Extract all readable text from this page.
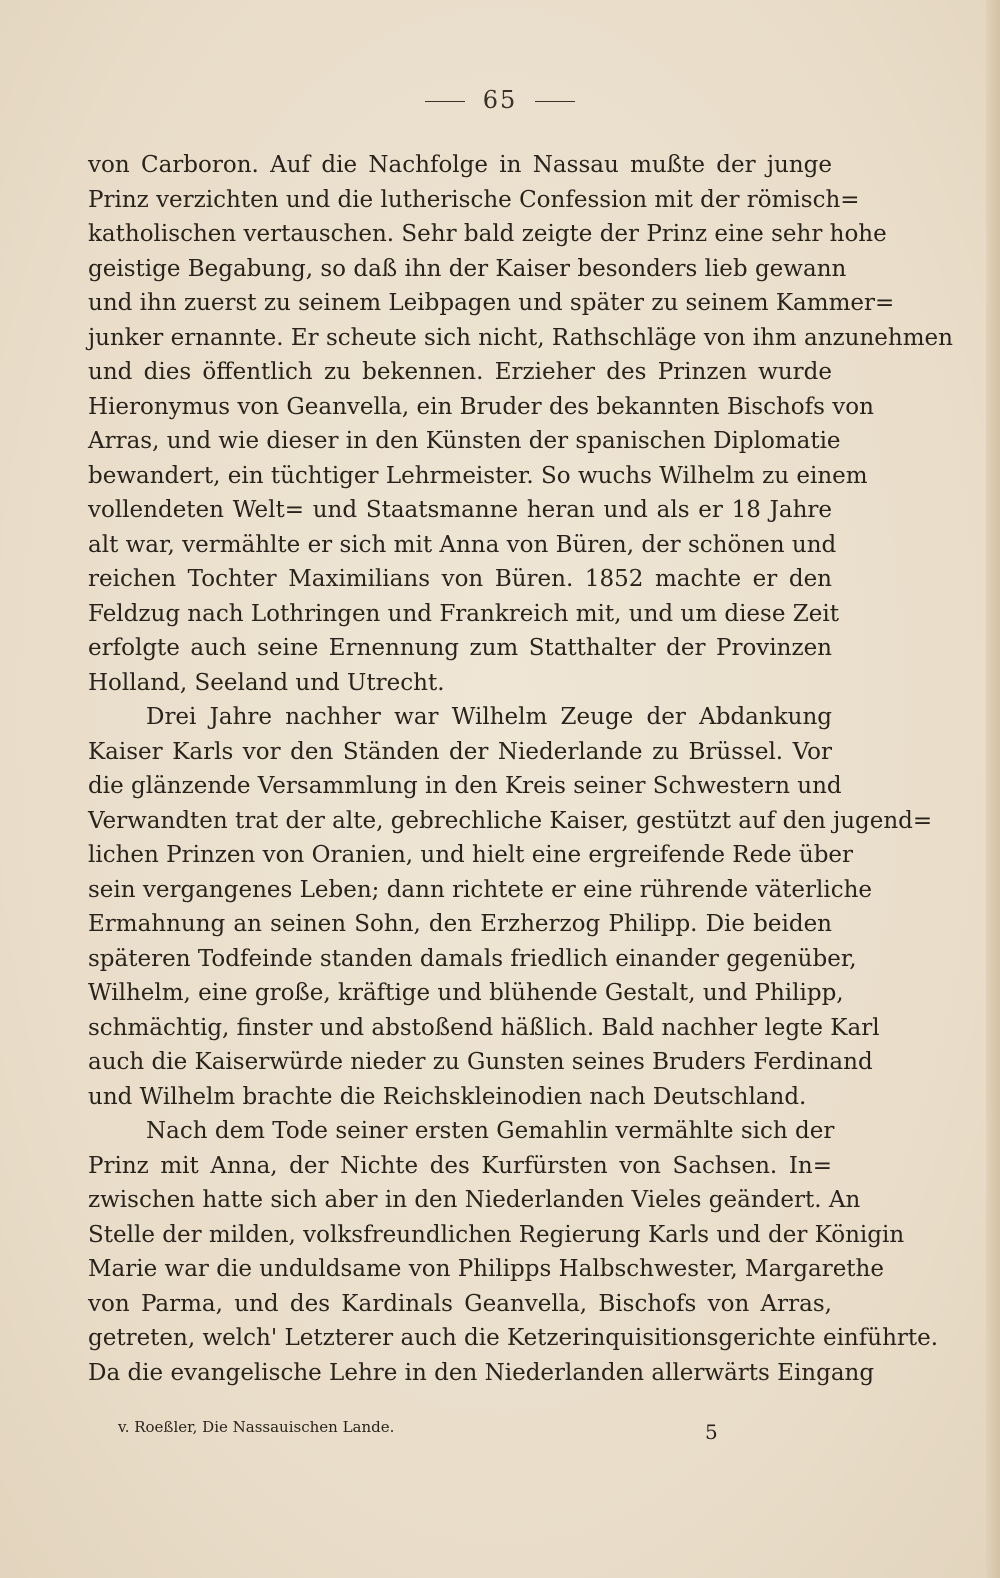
65
von Carboron. Auf die Nachfolge in Nassau mußte der junge
Prinz verzichten und die lutherische Confession mit der römisch=
katholischen vertauschen. Sehr bald zeigte der Prinz eine sehr hohe
geistige Begabung, so daß ihn der Kaiser besonders lieb gewann
und ihn zuerst zu seinem Leibpagen und später zu seinem Kammer=
junker ernannte. Er scheute sich nicht, Rathschläge von ihm anzunehmen
und dies öffentlich zu bekennen. Erzieher des Prinzen wurde
Hieronymus von Geanvella, ein Bruder des bekannten Bischofs von
Arras, und wie dieser in den Künsten der spanischen Diplomatie
bewandert, ein tüchtiger Lehrmeister. So wuchs Wilhelm zu einem
vollendeten Welt= und Staatsmanne heran und als er 18 Jahre
alt war, vermählte er sich mit Anna von Büren, der schönen und
reichen Tochter Maximilians von Büren. 1852 machte er den
Feldzug nach Lothringen und Frankreich mit, und um diese Zeit
erfolgte auch seine Ernennung zum Statthalter der Provinzen
Holland, Seeland und Utrecht.
Drei Jahre nachher war Wilhelm Zeuge der Abdankung
Kaiser Karls vor den Ständen der Niederlande zu Brüssel. Vor
die glänzende Versammlung in den Kreis seiner Schwestern und
Verwandten trat der alte, gebrechliche Kaiser, gestützt auf den jugend=
lichen Prinzen von Oranien, und hielt eine ergreifende Rede über
sein vergangenes Leben; dann richtete er eine rührende väterliche
Ermahnung an seinen Sohn, den Erzherzog Philipp. Die beiden
späteren Todfeinde standen damals friedlich einander gegenüber,
Wilhelm, eine große, kräftige und blühende Gestalt, und Philipp,
schmächtig, finster und abstoßend häßlich. Bald nachher legte Karl
auch die Kaiserwürde nieder zu Gunsten seines Bruders Ferdinand
und Wilhelm brachte die Reichskleinodien nach Deutschland.
Nach dem Tode seiner ersten Gemahlin vermählte sich der
Prinz mit Anna, der Nichte des Kurfürsten von Sachsen. In=
zwischen hatte sich aber in den Niederlanden Vieles geändert. An
Stelle der milden, volksfreundlichen Regierung Karls und der Königin
Marie war die unduldsame von Philipps Halbschwester, Margarethe
von Parma, und des Kardinals Geanvella, Bischofs von Arras,
getreten, welch' Letzterer auch die Ketzerinquisitionsgerichte einführte.
Da die evangelische Lehre in den Niederlanden allerwärts Eingang
v. Roeßler, Die Nassauischen Lande.	5
